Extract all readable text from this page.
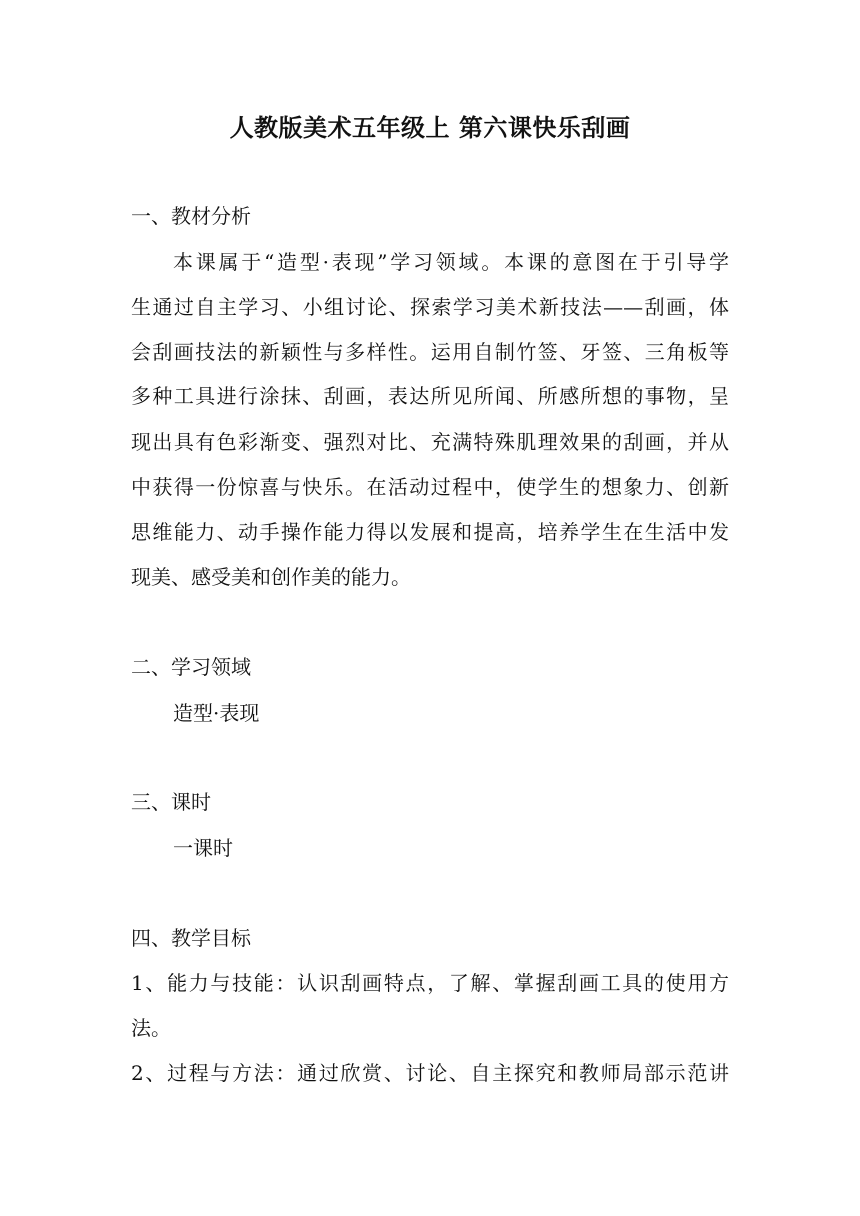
人教版美术五年级上 第六课快乐刮画
一、教材分析
本课属于“造型·表现”学习领域。本课的意图在于引导学
生通过自主学习、小组讨论、探索学习美术新技法——刮画，体
会刮画技法的新颖性与多样性。运用自制竹签、牙签、三角板等
多种工具进行涂抹、刮画，表达所见所闻、所感所想的事物，呈
现出具有色彩渐变、强烈对比、充满特殊肌理效果的刮画，并从
中获得一份惊喜与快乐。在活动过程中，使学生的想象力、创新
思维能力、动手操作能力得以发展和提高，培养学生在生活中发
现美、感受美和创作美的能力。
二、学习领域
造型·表现
三、课时
一课时
四、教学目标
1、能力与技能：认识刮画特点，了解、掌握刮画工具的使用方
法。
2、过程与方法：通过欣赏、讨论、自主探究和教师局部示范讲
